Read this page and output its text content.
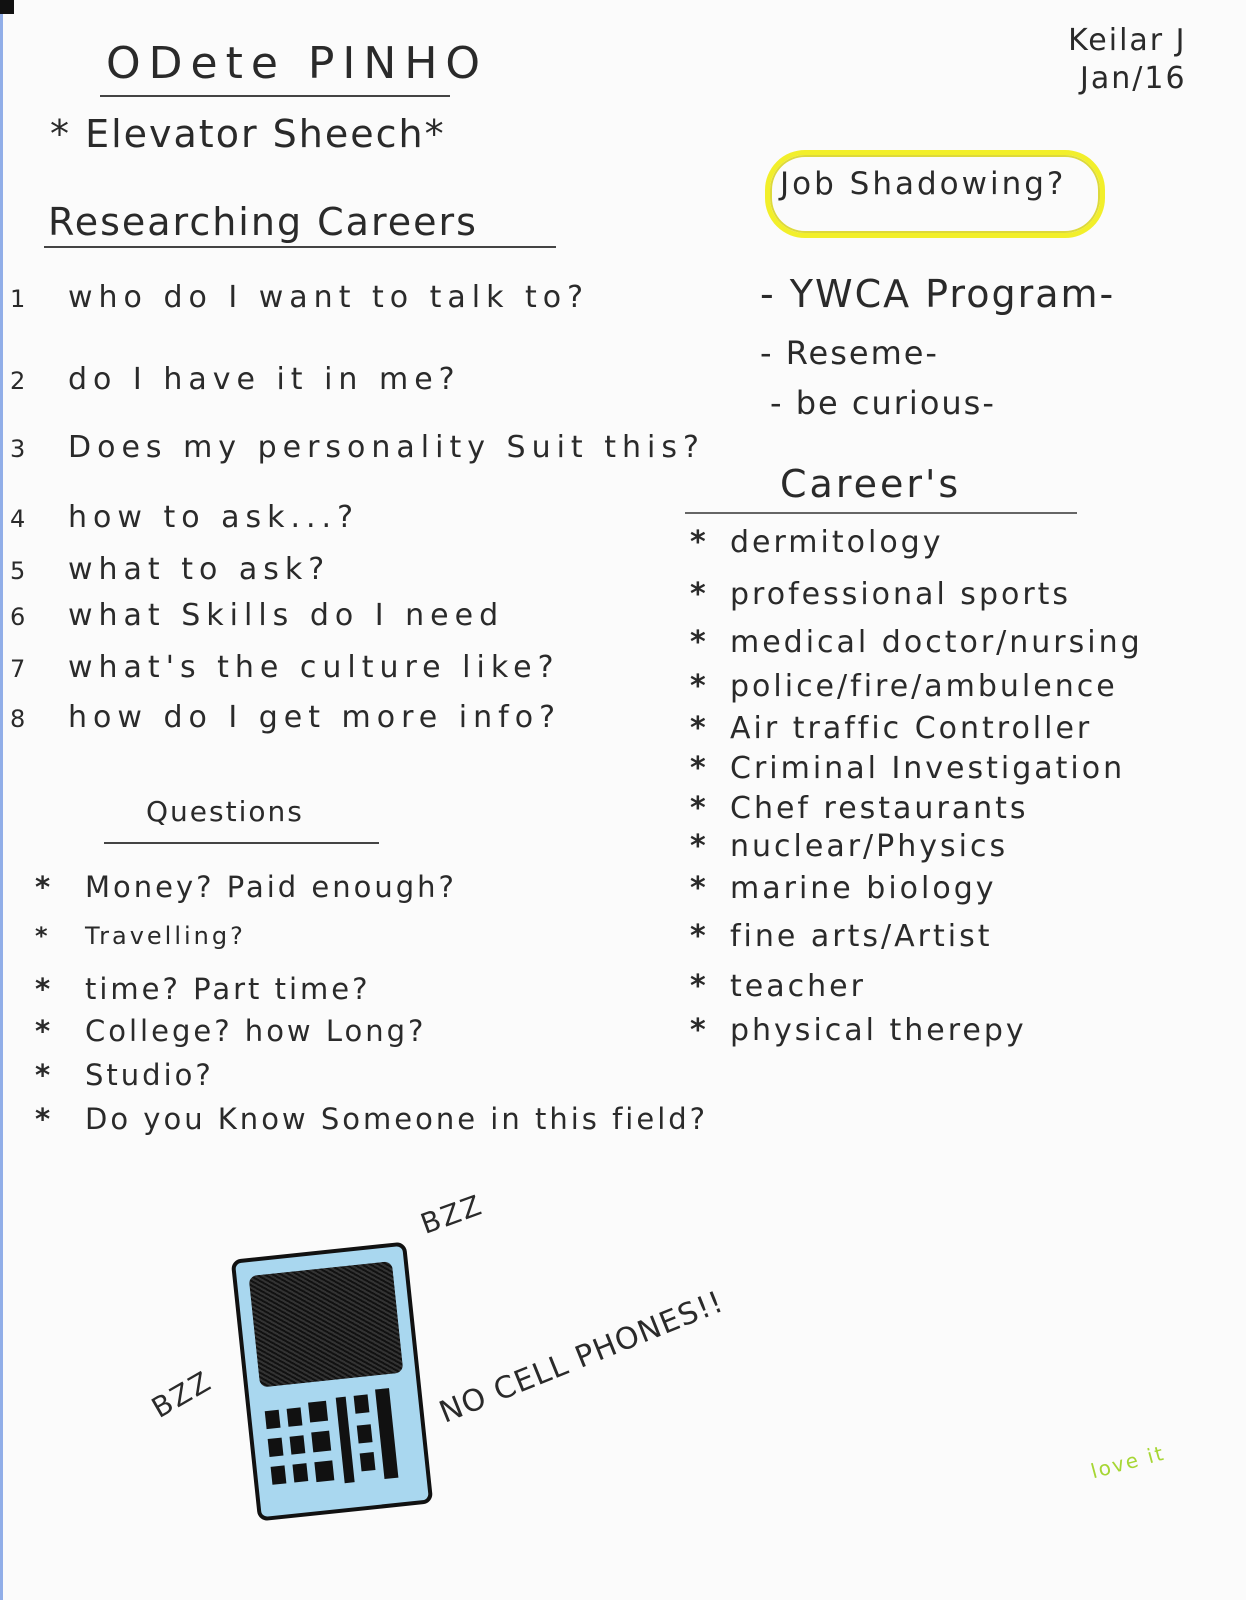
ODete PINHO	Keilar J
Jan/16
* Elevator Sheech*
Researching Careers
1 who do I want to talk to?
2 do I have it in me?
3 Does my personality Suit this?
4 how to ask...?
5 what to ask?
6 what Skills do I need
7 what's the culture like?
8 how do I get more info?
Job Shadowing?
- YWCA Program-
- Reseme-
- be curious-
Career's
* dermitology
* professional sports
* medical doctor/nursing
* police/fire/ambulence
* Air traffic Controller
* Criminal Investigation
* Chef restaurants
* nuclear/Physics
* marine biology
* fine arts/Artist
* teacher
* physical therepy
Questions
* Money? Paid enough?
* Travelling?
* time? Part time?
* College? how Long?
* Studio?
* Do you Know Someone in this field?
BZZ
BZZ	NO CELL PHONES!!
love it
